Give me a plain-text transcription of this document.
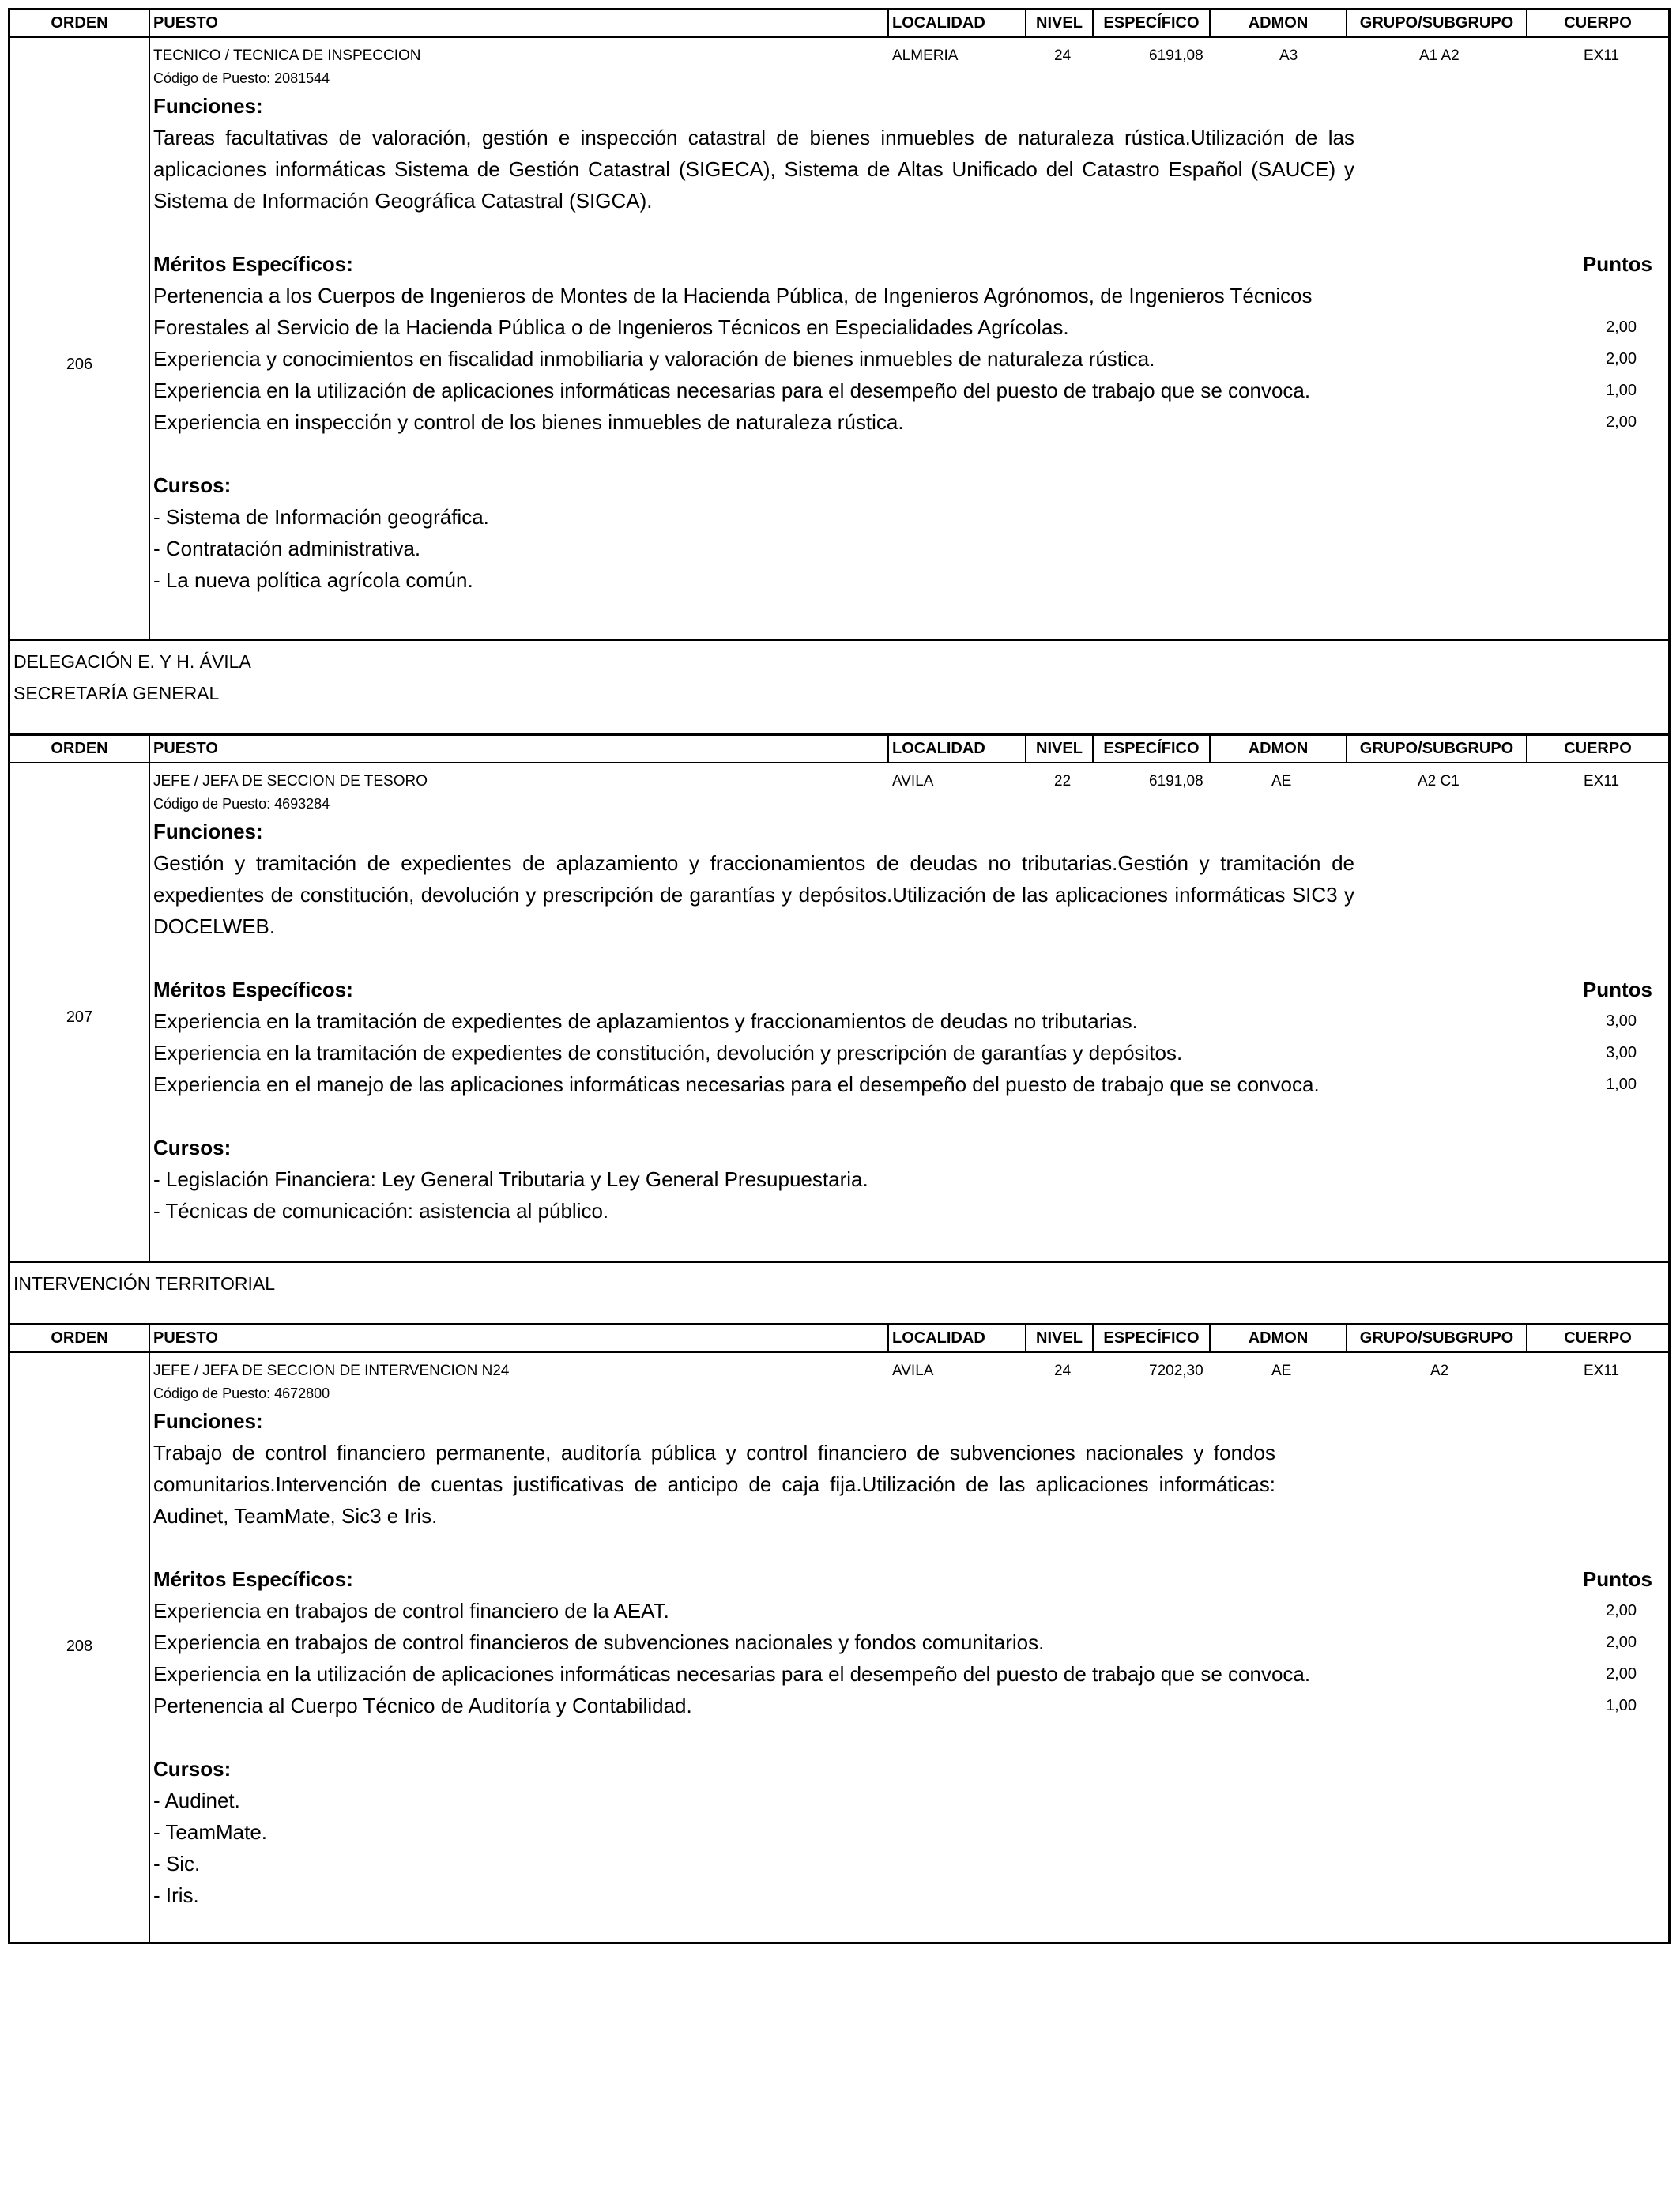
ORDEN	PUESTO	LOCALIDAD	NIVEL	ESPECÍFICO	ADMON	GRUPO/SUBGRUPO	CUERPO
206
TECNICO / TECNICA DE INSPECCION	ALMERIA	24	6191,08	A3	A1 A2	EX11
Código de Puesto: 2081544
Funciones:
Tareas facultativas de valoración, gestión e inspección catastral de bienes inmuebles de naturaleza rústica.Utilización de las aplicaciones informáticas Sistema de Gestión Catastral (SIGECA), Sistema de Altas Unificado del Catastro Español (SAUCE) y Sistema de Información Geográfica Catastral (SIGCA).
Méritos Específicos:	Puntos
Pertenencia a los Cuerpos de Ingenieros de Montes de la Hacienda Pública, de Ingenieros Agrónomos, de Ingenieros Técnicos Forestales al Servicio de la Hacienda Pública o de Ingenieros Técnicos en Especialidades Agrícolas.	2,00
Experiencia y conocimientos en fiscalidad inmobiliaria y valoración de bienes inmuebles de naturaleza rústica.	2,00
Experiencia en la utilización de aplicaciones informáticas necesarias para el desempeño del puesto de trabajo que se convoca.	1,00
Experiencia en inspección y control de los bienes inmuebles de naturaleza rústica.	2,00
Cursos:
- Sistema de Información geográfica.
- Contratación administrativa.
- La nueva política agrícola común.
DELEGACIÓN E. Y H. ÁVILA
SECRETARÍA GENERAL
ORDEN	PUESTO	LOCALIDAD	NIVEL	ESPECÍFICO	ADMON	GRUPO/SUBGRUPO	CUERPO
207
JEFE / JEFA DE SECCION DE TESORO	AVILA	22	6191,08	AE	A2 C1	EX11
Código de Puesto: 4693284
Funciones:
Gestión y tramitación de expedientes de aplazamiento y fraccionamientos de deudas no tributarias.Gestión y tramitación de expedientes de constitución, devolución y prescripción de garantías y depósitos.Utilización de las aplicaciones informáticas SIC3 y DOCELWEB.
Méritos Específicos:	Puntos
Experiencia en la tramitación de expedientes de aplazamientos y fraccionamientos de deudas no tributarias.	3,00
Experiencia en la tramitación de expedientes de constitución, devolución y prescripción de garantías y depósitos.	3,00
Experiencia en el manejo de las aplicaciones informáticas necesarias para el desempeño del puesto de trabajo que se convoca.	1,00
Cursos:
- Legislación Financiera: Ley General Tributaria y Ley General Presupuestaria.
- Técnicas de comunicación: asistencia al público.
INTERVENCIÓN TERRITORIAL
ORDEN	PUESTO	LOCALIDAD	NIVEL	ESPECÍFICO	ADMON	GRUPO/SUBGRUPO	CUERPO
208
JEFE / JEFA DE SECCION DE INTERVENCION N24	AVILA	24	7202,30	AE	A2	EX11
Código de Puesto: 4672800
Funciones:
Trabajo de control financiero permanente, auditoría pública y control financiero de subvenciones nacionales y fondos comunitarios.Intervención de cuentas justificativas de anticipo de caja fija.Utilización de las aplicaciones informáticas: Audinet, TeamMate, Sic3 e Iris.
Méritos Específicos:	Puntos
Experiencia en trabajos de control financiero de la AEAT.	2,00
Experiencia en trabajos de control financieros de subvenciones nacionales y fondos comunitarios.	2,00
Experiencia en la utilización de aplicaciones informáticas necesarias para el desempeño del puesto de trabajo que se convoca.	2,00
Pertenencia al Cuerpo Técnico de Auditoría y Contabilidad.	1,00
Cursos:
- Audinet.
- TeamMate.
- Sic.
- Iris.
